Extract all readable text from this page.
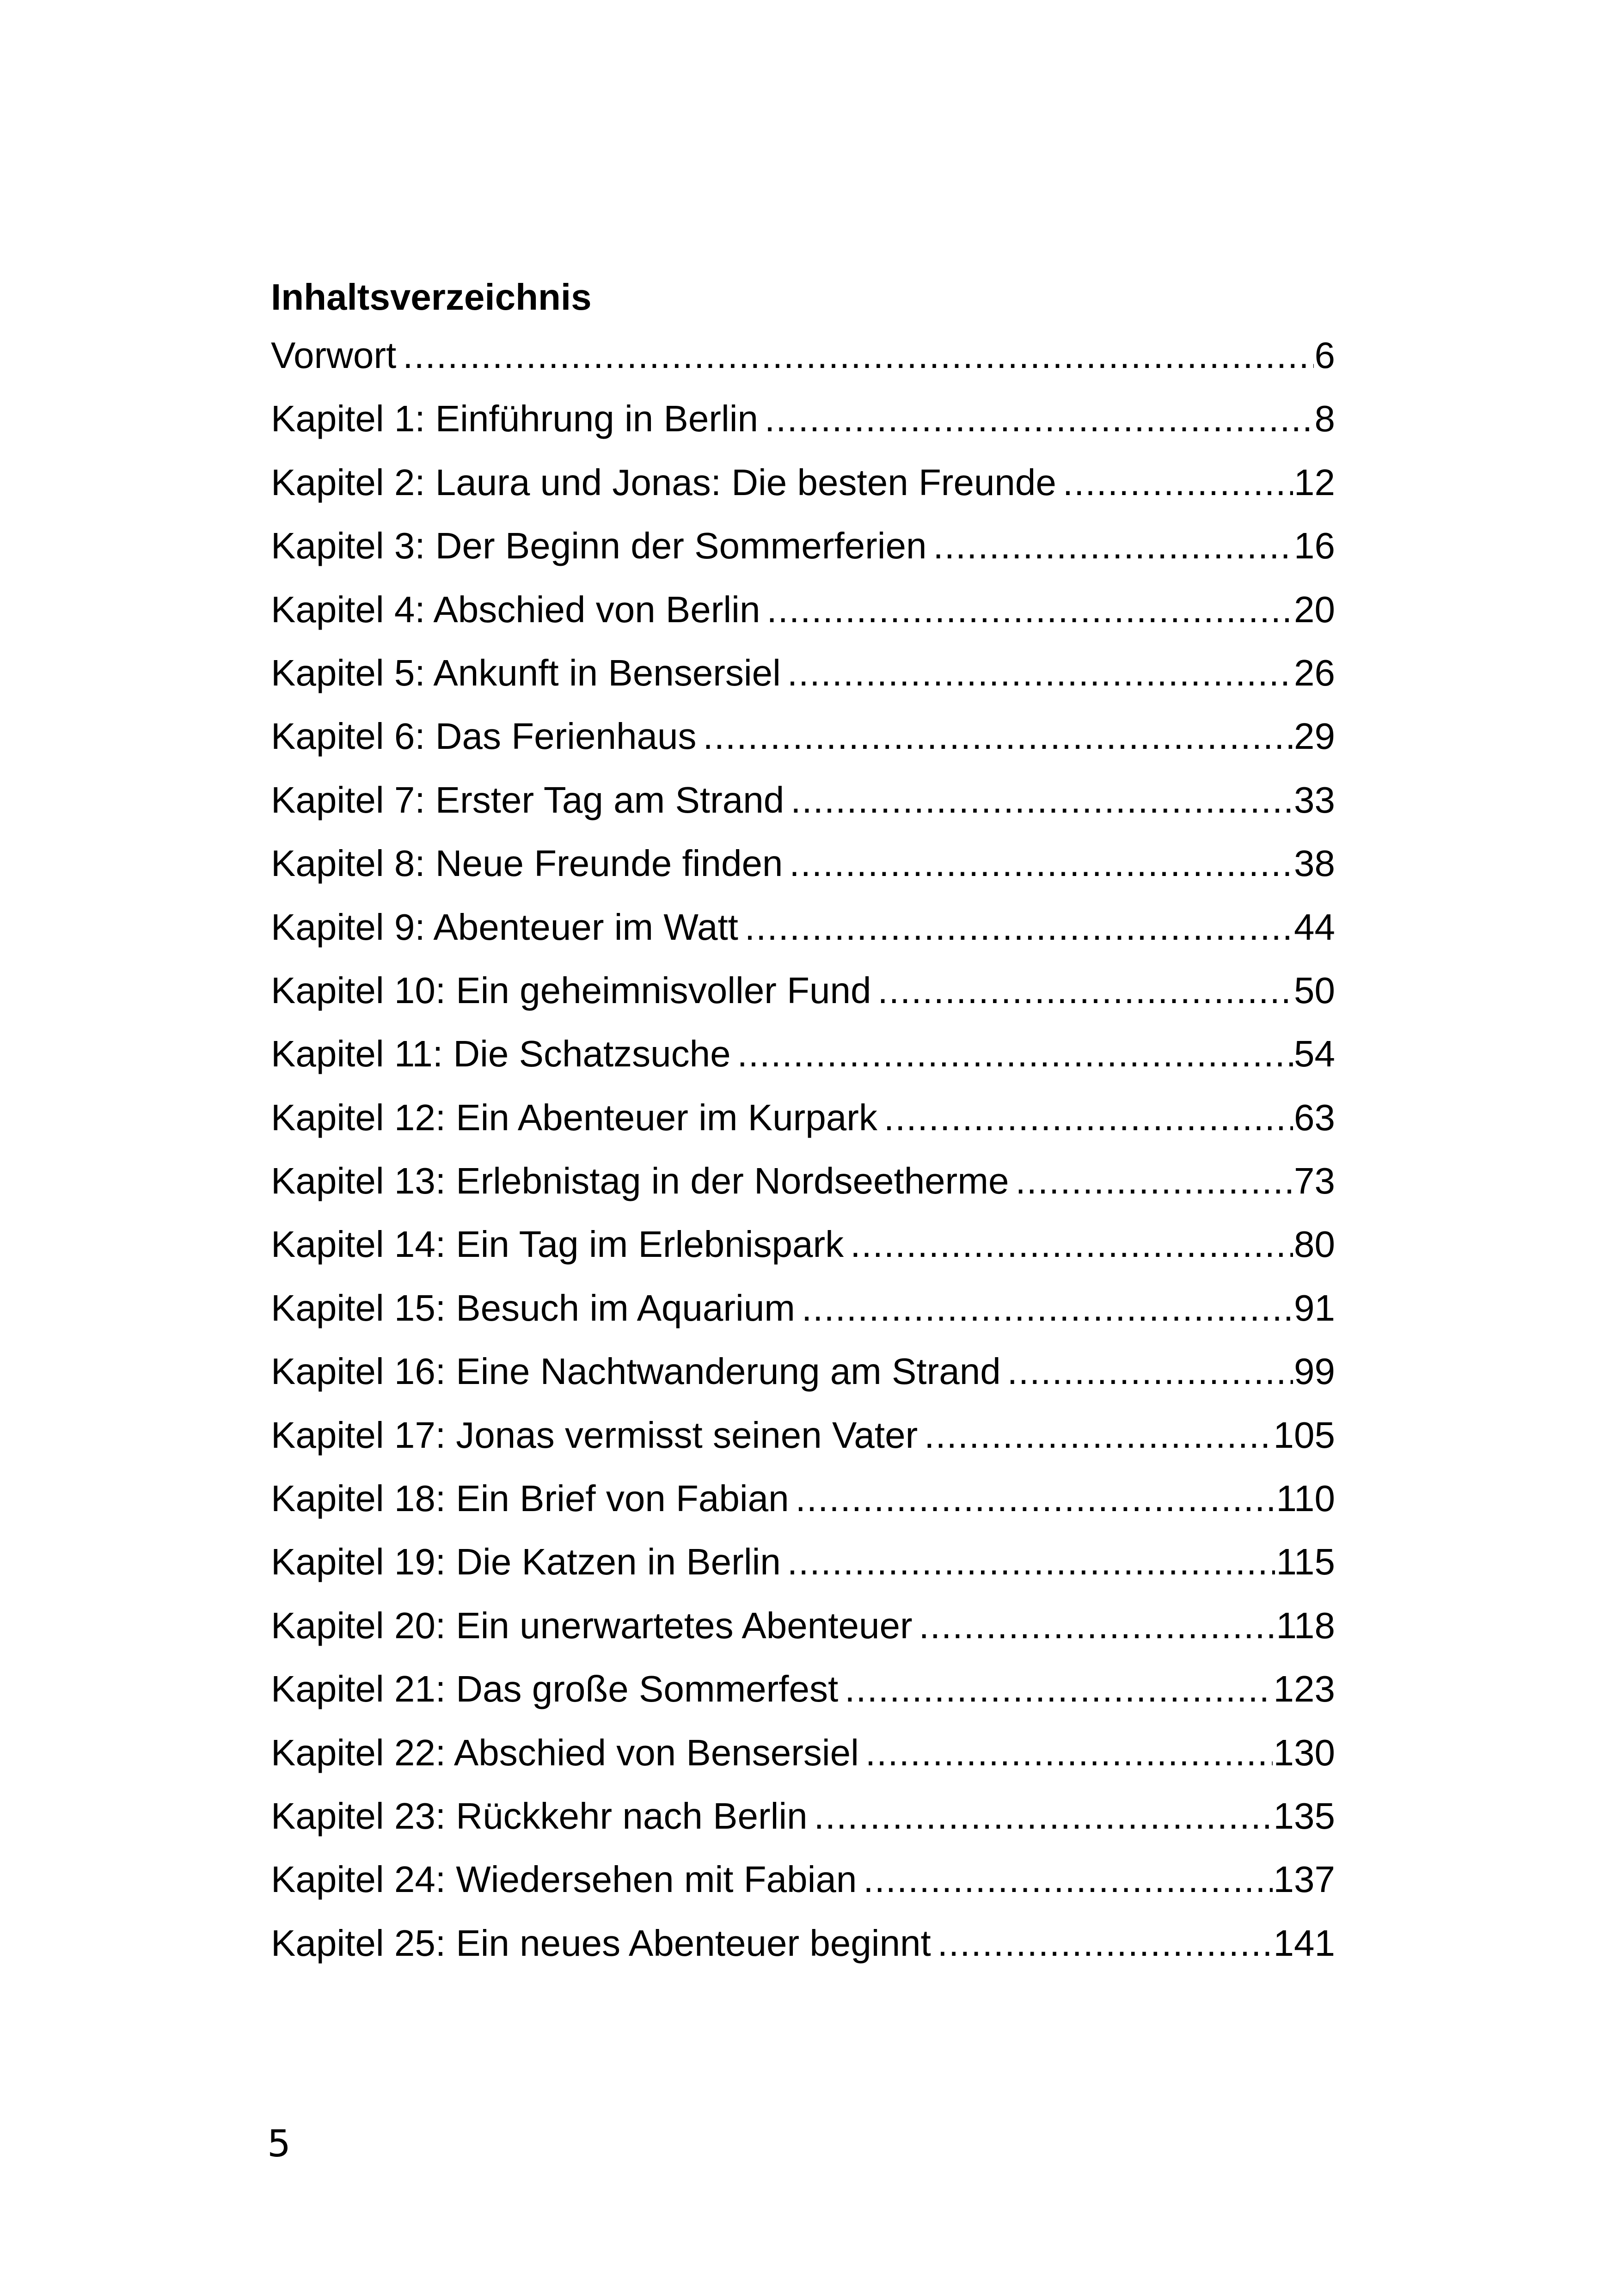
Inhaltsverzeichnis
Vorwort .....	6
Kapitel 1: Einführung in Berlin .....	8
Kapitel 2: Laura und Jonas: Die besten Freunde .....	12
Kapitel 3: Der Beginn der Sommerferien .....	16
Kapitel 4: Abschied von Berlin .....	20
Kapitel 5: Ankunft in Bensersiel .....	26
Kapitel 6: Das Ferienhaus .....	29
Kapitel 7: Erster Tag am Strand .....	33
Kapitel 8: Neue Freunde finden .....	38
Kapitel 9: Abenteuer im Watt .....	44
Kapitel 10: Ein geheimnisvoller Fund .....	50
Kapitel 11: Die Schatzsuche .....	54
Kapitel 12: Ein Abenteuer im Kurpark .....	63
Kapitel 13: Erlebnistag in der Nordseetherme .....	73
Kapitel 14: Ein Tag im Erlebnispark .....	80
Kapitel 15: Besuch im Aquarium .....	91
Kapitel 16: Eine Nachtwanderung am Strand .....	99
Kapitel 17: Jonas vermisst seinen Vater .....	105
Kapitel 18: Ein Brief von Fabian .....	110
Kapitel 19: Die Katzen in Berlin .....	115
Kapitel 20: Ein unerwartetes Abenteuer .....	118
Kapitel 21: Das große Sommerfest .....	123
Kapitel 22: Abschied von Bensersiel .....	130
Kapitel 23: Rückkehr nach Berlin .....	135
Kapitel 24: Wiedersehen mit Fabian .....	137
Kapitel 25: Ein neues Abenteuer beginnt .....	141
5
